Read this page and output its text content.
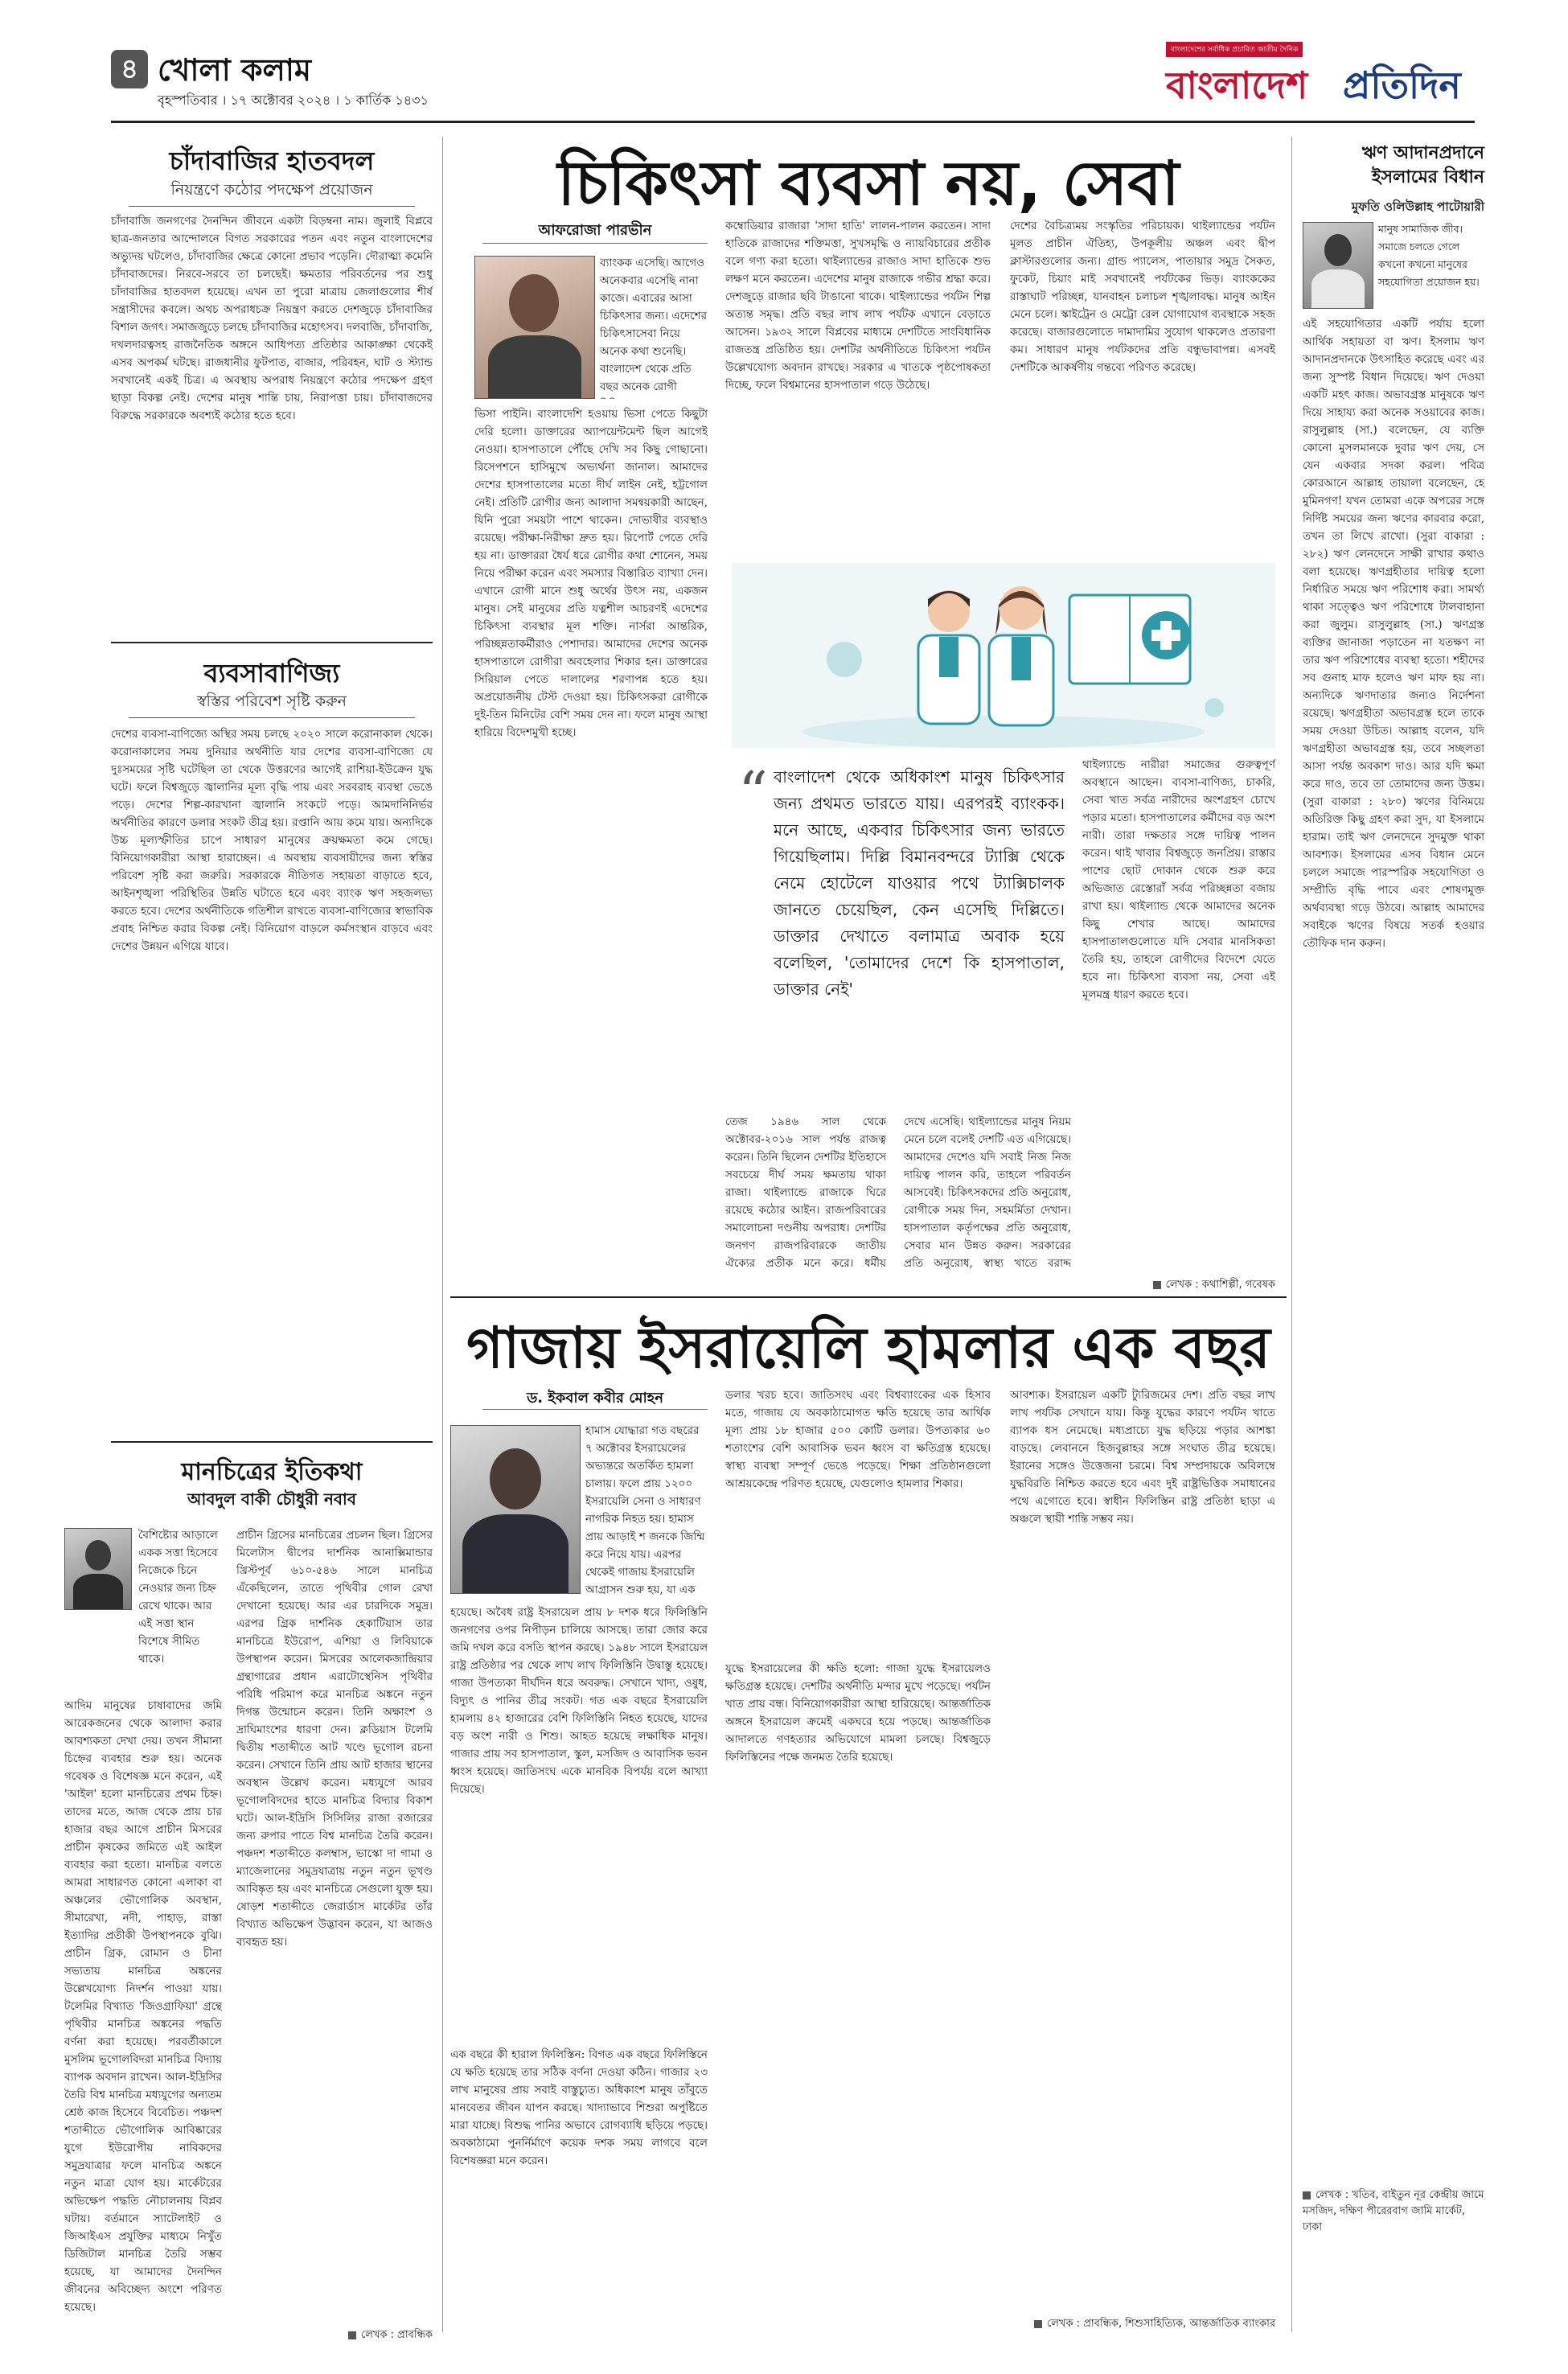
৪ খোলা কলাম
বৃহস্পতিবার । ১৭ অক্টোবর ২০২৪ । ১ কার্তিক ১৪৩১
বাংলাদেশের সর্বাধিক প্রচারিত জাতীয় দৈনিক
বাংলাদেশ প্রতিদিন
চাঁদাবাজির হাতবদল
নিয়ন্ত্রণে কঠোর পদক্ষেপ প্রয়োজন
চাঁদাবাজি জনগণের দৈনন্দিন জীবনে একটা বিড়ম্বনা নাম। জুলাই বিপ্লবে ছাত্র-জনতার আন্দোলনে বিগত সরকারের পতন এবং নতুন বাংলাদেশের অভ্যুদয় ঘটলেও, চাঁদাবাজির ক্ষেত্রে কোনো প্রভাব পড়েনি। দৌরাত্ম্য কমেনি চাঁদাবাজদের। নিরবে-সরবে তা চলছেই। ক্ষমতার পরিবর্তনের পর শুধু চাঁদাবাজির হাতবদল হয়েছে। এখন তা পুরো মাত্রায় জেলাগুলোর শীর্ষ সন্ত্রাসীদের কবলে। অথচ অপরাধচক্র নিয়ন্ত্রণ করতে দেশজুড়ে চাঁদাবাজির বিশাল জগৎ। সমাজজুড়ে চলছে চাঁদাবাজির মহোৎসব। দলবাজি, চাঁদাবাজি, দখলদারত্বসহ রাজনৈতিক অঙ্গনে আধিপত্য প্রতিষ্ঠার আকাঙ্ক্ষা থেকেই এসব অপকর্ম ঘটছে। রাজধানীর ফুটপাত, বাজার, পরিবহন, ঘাট ও স্ট্যান্ড সবখানেই একই চিত্র। এ অবস্থায় অপরাধ নিয়ন্ত্রণে কঠোর পদক্ষেপ গ্রহণ ছাড়া বিকল্প নেই। দেশের মানুষ শান্তি চায়, নিরাপত্তা চায়। চাঁদাবাজদের বিরুদ্ধে সরকারকে অবশ্যই কঠোর হতে হবে।
ব্যবসাবাণিজ্য
স্বস্তির পরিবেশ সৃষ্টি করুন
দেশের ব্যবসা-বাণিজ্যে অস্থির সময় চলছে ২০২০ সালে করোনাকাল থেকে। করোনাকালের সময় দুনিয়ার অর্থনীতি যার দেশের ব্যবসা-বাণিজ্যে যে দুঃসময়ের সৃষ্টি ঘটেছিল তা থেকে উত্তরণের আগেই রাশিয়া-ইউক্রেন যুদ্ধ ঘটে। ফলে বিশ্বজুড়ে জ্বালানির মূল্য বৃদ্ধি পায় এবং সরবরাহ ব্যবস্থা ভেঙে পড়ে। দেশের শিল্প-কারখানা জ্বালানি সংকটে পড়ে। আমদানিনির্ভর অর্থনীতির কারণে ডলার সংকট তীব্র হয়। রপ্তানি আয় কমে যায়। অন্যদিকে উচ্চ মূল্যস্ফীতির চাপে সাধারণ মানুষের ক্রয়ক্ষমতা কমে গেছে। বিনিয়োগকারীরা আস্থা হারাচ্ছেন। এ অবস্থায় ব্যবসায়ীদের জন্য স্বস্তির পরিবেশ সৃষ্টি করা জরুরি। সরকারকে নীতিগত সহায়তা বাড়াতে হবে, আইনশৃঙ্খলা পরিস্থিতির উন্নতি ঘটাতে হবে এবং ব্যাংক ঋণ সহজলভ্য করতে হবে। দেশের অর্থনীতিকে গতিশীল রাখতে ব্যবসা-বাণিজ্যের স্বাভাবিক প্রবাহ নিশ্চিত করার বিকল্প নেই। বিনিয়োগ বাড়লে কর্মসংস্থান বাড়বে এবং দেশের উন্নয়ন এগিয়ে যাবে।
মানচিত্রের ইতিকথা
আবদুল বাকী চৌধুরী নবাব
বৈশিষ্ট্যের আড়ালে একক সত্তা হিসেবে নিজেকে চিনে নেওয়ার জন্য চিহ্ন রেখে থাকে। আর এই সত্তা স্থান বিশেষে সীমিত থাকে।
আদিম মানুষের চাষাবাদের জমি আরেকজনের থেকে আলাদা করার আবশ্যকতা দেখা দেয়। তখন সীমানা চিহ্নের ব্যবহার শুরু হয়। অনেক গবেষক ও বিশেষজ্ঞ মনে করেন, এই 'আইল' হলো মানচিত্রের প্রথম চিহ্ন। তাদের মতে, আজ থেকে প্রায় চার হাজার বছর আগে প্রাচীন মিসরের প্রাচীন কৃষকের জমিতে এই আইল ব্যবহার করা হতো। মানচিত্র বলতে আমরা সাধারণত কোনো এলাকা বা অঞ্চলের ভৌগোলিক অবস্থান, সীমারেখা, নদী, পাহাড়, রাস্তা ইত্যাদির প্রতীকী উপস্থাপনকে বুঝি। প্রাচীন গ্রিক, রোমান ও চীনা সভ্যতায় মানচিত্র অঙ্কনের উল্লেখযোগ্য নিদর্শন পাওয়া যায়। টলেমির বিখ্যাত 'জিওগ্রাফিয়া' গ্রন্থে পৃথিবীর মানচিত্র অঙ্কনের পদ্ধতি বর্ণনা করা হয়েছে। পরবর্তীকালে মুসলিম ভূগোলবিদরা মানচিত্র বিদ্যায় ব্যাপক অবদান রাখেন। আল-ইদ্রিসির তৈরি বিশ্ব মানচিত্র মধ্যযুগের অন্যতম শ্রেষ্ঠ কাজ হিসেবে বিবেচিত। পঞ্চদশ শতাব্দীতে ভৌগোলিক আবিষ্কারের যুগে ইউরোপীয় নাবিকদের সমুদ্রযাত্রার ফলে মানচিত্র অঙ্কনে নতুন মাত্রা যোগ হয়। মার্কেটরের অভিক্ষেপ পদ্ধতি নৌচালনায় বিপ্লব ঘটায়। বর্তমানে স্যাটেলাইট ও জিআইএস প্রযুক্তির মাধ্যমে নিখুঁত ডিজিটাল মানচিত্র তৈরি সম্ভব হয়েছে, যা আমাদের দৈনন্দিন জীবনের অবিচ্ছেদ্য অংশে পরিণত হয়েছে।
প্রাচীন গ্রিসের মানচিত্রের প্রচলন ছিল। গ্রিসের মিলেটাস দ্বীপের দার্শনিক আনাক্সিমান্ডার খ্রিস্টপূর্ব ৬১০-৫৪৬ সালে মানচিত্র এঁকেছিলেন, তাতে পৃথিবীর গোল রেখা দেখানো হয়েছে। আর এর চারদিকে সমুদ্র। এরপর গ্রিক দার্শনিক হেকাটিয়াস তার মানচিত্রে ইউরোপ, এশিয়া ও লিবিয়াকে উপস্থাপন করেন। মিসরের আলেকজান্দ্রিয়ার গ্রন্থাগারের প্রধান এরাটোস্থেনিস পৃথিবীর পরিধি পরিমাপ করে মানচিত্র অঙ্কনে নতুন দিগন্ত উন্মোচন করেন। তিনি অক্ষাংশ ও দ্রাঘিমাংশের ধারণা দেন। ক্লডিয়াস টলেমি দ্বিতীয় শতাব্দীতে আট খণ্ডে ভূগোল রচনা করেন। সেখানে তিনি প্রায় আট হাজার স্থানের অবস্থান উল্লেখ করেন। মধ্যযুগে আরব ভূগোলবিদদের হাতে মানচিত্র বিদ্যার বিকাশ ঘটে। আল-ইদ্রিসি সিসিলির রাজা রজারের জন্য রুপার পাতে বিশ্ব মানচিত্র তৈরি করেন। পঞ্চদশ শতাব্দীতে কলম্বাস, ভাস্কো দা গামা ও ম্যাজেলানের সমুদ্রযাত্রায় নতুন নতুন ভূখণ্ড আবিষ্কৃত হয় এবং মানচিত্রে সেগুলো যুক্ত হয়। ষোড়শ শতাব্দীতে জেরার্ডাস মার্কেটর তাঁর বিখ্যাত অভিক্ষেপ উদ্ভাবন করেন, যা আজও ব্যবহৃত হয়।
লেখক : প্রাবন্ধিক
চিকিৎসা ব্যবসা নয়, সেবা
আফরোজা পারভীন
ব্যাংকক এসেছি। আগেও অনেকবার এসেছি নানা কাজে। এবারের আসা চিকিৎসার জন্য। এদেশের চিকিৎসাসেবা নিয়ে অনেক কথা শুনেছি। বাংলাদেশ থেকে প্রতি বছর অনেক রোগী
ভিসা পাইনি। বাংলাদেশি হওয়ায় ভিসা পেতে কিছুটা দেরি হলো। ডাক্তারের অ্যাপয়েন্টমেন্ট ছিল আগেই নেওয়া। হাসপাতালে পৌঁছে দেখি সব কিছু গোছানো। রিসেপশনে হাসিমুখে অভ্যর্থনা জানাল। আমাদের দেশের হাসপাতালের মতো দীর্ঘ লাইন নেই, হট্টগোল নেই। প্রতিটি রোগীর জন্য আলাদা সমন্বয়কারী আছেন, যিনি পুরো সময়টা পাশে থাকেন। দোভাষীর ব্যবস্থাও রয়েছে। পরীক্ষা-নিরীক্ষা দ্রুত হয়। রিপোর্ট পেতে দেরি হয় না। ডাক্তাররা ধৈর্য ধরে রোগীর কথা শোনেন, সময় নিয়ে পরীক্ষা করেন এবং সমস্যার বিস্তারিত ব্যাখ্যা দেন। এখানে রোগী মানে শুধু অর্থের উৎস নয়, একজন মানুষ। সেই মানুষের প্রতি যত্নশীল আচরণই এদেশের চিকিৎসা ব্যবস্থার মূল শক্তি। নার্সরা আন্তরিক, পরিচ্ছন্নতাকর্মীরাও পেশাদার। আমাদের দেশের অনেক হাসপাতালে রোগীরা অবহেলার শিকার হন। ডাক্তারের সিরিয়াল পেতে দালালের শরণাপন্ন হতে হয়। অপ্রয়োজনীয় টেস্ট দেওয়া হয়। চিকিৎসকরা রোগীকে দুই-তিন মিনিটের বেশি সময় দেন না। ফলে মানুষ আস্থা হারিয়ে বিদেশমুখী হচ্ছে।
কম্বোডিয়ার রাজারা 'সাদা হাতি' লালন-পালন করতেন। সাদা হাতিকে রাজাদের শক্তিমত্তা, সুখসমৃদ্ধি ও ন্যায়বিচারের প্রতীক বলে গণ্য করা হতো। থাইল্যান্ডের রাজাও সাদা হাতিকে শুভ লক্ষণ মনে করতেন। এদেশের মানুষ রাজাকে গভীর শ্রদ্ধা করে। দেশজুড়ে রাজার ছবি টাঙানো থাকে। থাইল্যান্ডের পর্যটন শিল্প অত্যন্ত সমৃদ্ধ। প্রতি বছর লাখ লাখ পর্যটক এখানে বেড়াতে আসেন। ১৯৩২ সালে বিপ্লবের মাধ্যমে দেশটিতে সাংবিধানিক রাজতন্ত্র প্রতিষ্ঠিত হয়। দেশটির অর্থনীতিতে চিকিৎসা পর্যটন উল্লেখযোগ্য অবদান রাখছে। সরকার এ খাতকে পৃষ্ঠপোষকতা দিচ্ছে, ফলে বিশ্বমানের হাসপাতাল গড়ে উঠেছে।
দেশের বৈচিত্র্যময় সংস্কৃতির পরিচায়ক। থাইল্যান্ডের পর্যটন মূলত প্রাচীন ঐতিহ্য, উপকূলীয় অঞ্চল এবং দ্বীপ ক্লাস্টারগুলোর জন্য। গ্রান্ড প্যালেস, পাতায়ার সমুদ্র সৈকত, ফুকেট, চিয়াং মাই সবখানেই পর্যটকের ভিড়। ব্যাংককের রাস্তাঘাট পরিচ্ছন্ন, যানবাহন চলাচল শৃঙ্খলাবদ্ধ। মানুষ আইন মেনে চলে। স্কাইট্রেন ও মেট্রো রেল যোগাযোগ ব্যবস্থাকে সহজ করেছে। বাজারগুলোতে দামাদামির সুযোগ থাকলেও প্রতারণা কম। সাধারণ মানুষ পর্যটকদের প্রতি বন্ধুভাবাপন্ন। এসবই দেশটিকে আকর্ষণীয় গন্তব্যে পরিণত করেছে।
“ বাংলাদেশ থেকে অধিকাংশ মানুষ চিকিৎসার জন্য প্রথমত ভারতে যায়। এরপরই ব্যাংকক। মনে আছে, একবার চিকিৎসার জন্য ভারতে গিয়েছিলাম। দিল্লি বিমানবন্দরে ট্যাক্সি থেকে নেমে হোটেলে যাওয়ার পথে ট্যাক্সিচালক জানতে চেয়েছিল, কেন এসেছি দিল্লিতে। ডাক্তার দেখাতে বলামাত্র অবাক হয়ে বলেছিল, 'তোমাদের দেশে কি হাসপাতাল, ডাক্তার নেই'
থাইল্যান্ডে নারীরা সমাজের গুরুত্বপূর্ণ অবস্থানে আছেন। ব্যবসা-বাণিজ্য, চাকরি, সেবা খাত সর্বত্র নারীদের অংশগ্রহণ চোখে পড়ার মতো। হাসপাতালের কর্মীদের বড় অংশ নারী। তারা দক্ষতার সঙ্গে দায়িত্ব পালন করেন। থাই খাবার বিশ্বজুড়ে জনপ্রিয়। রাস্তার পাশের ছোট দোকান থেকে শুরু করে অভিজাত রেস্তোরাঁ সর্বত্র পরিচ্ছন্নতা বজায় রাখা হয়। থাইল্যান্ড থেকে আমাদের অনেক কিছু শেখার আছে। আমাদের হাসপাতালগুলোতে যদি সেবার মানসিকতা তৈরি হয়, তাহলে রোগীদের বিদেশে যেতে হবে না। চিকিৎসা ব্যবসা নয়, সেবা এই মূলমন্ত্র ধারণ করতে হবে।
তেজ ১৯৪৬ সাল থেকে অক্টোবর-২০১৬ সাল পর্যন্ত রাজত্ব করেন। তিনি ছিলেন দেশটির ইতিহাসে সবচেয়ে দীর্ঘ সময় ক্ষমতায় থাকা রাজা। থাইল্যান্ডে রাজাকে ঘিরে রয়েছে কঠোর আইন। রাজপরিবারের সমালোচনা দণ্ডনীয় অপরাধ। দেশটির জনগণ রাজপরিবারকে জাতীয় ঐক্যের প্রতীক মনে করে। ধর্মীয়
দেখে এসেছি। থাইল্যান্ডের মানুষ নিয়ম মেনে চলে বলেই দেশটি এত এগিয়েছে। আমাদের দেশেও যদি সবাই নিজ নিজ দায়িত্ব পালন করি, তাহলে পরিবর্তন আসবেই। চিকিৎসকদের প্রতি অনুরোধ, রোগীকে সময় দিন, সহমর্মিতা দেখান। হাসপাতাল কর্তৃপক্ষের প্রতি অনুরোধ, সেবার মান উন্নত করুন। সরকারের প্রতি অনুরোধ, স্বাস্থ্য খাতে বরাদ্দ
লেখক : কথাশিল্পী, গবেষক
গাজায় ইসরায়েলি হামলার এক বছর
ড. ইকবাল কবীর মোহন
হামাস যোদ্ধারা গত বছরের ৭ অক্টোবর ইসরায়েলের অভ্যন্তরে অতর্কিত হামলা চালায়। ফলে প্রায় ১২০০ ইসরায়েলি সেনা ও সাধারণ নাগরিক নিহত হয়। হামাস প্রায় আড়াই শ জনকে জিম্মি করে নিয়ে যায়। এরপর থেকেই গাজায় ইসরায়েলি আগ্রাসন শুরু হয়, যা এক
হয়েছে। অবৈধ রাষ্ট্র ইসরায়েল প্রায় ৮ দশক ধরে ফিলিস্তিনি জনগণের ওপর নিপীড়ন চালিয়ে আসছে। তারা জোর করে জমি দখল করে বসতি স্থাপন করছে। ১৯৪৮ সালে ইসরায়েল রাষ্ট্র প্রতিষ্ঠার পর থেকে লাখ লাখ ফিলিস্তিনি উদ্বাস্তু হয়েছে। গাজা উপত্যকা দীর্ঘদিন ধরে অবরুদ্ধ। সেখানে খাদ্য, ওষুধ, বিদ্যুৎ ও পানির তীব্র সংকট। গত এক বছরে ইসরায়েলি হামলায় ৪২ হাজারের বেশি ফিলিস্তিনি নিহত হয়েছে, যাদের বড় অংশ নারী ও শিশু। আহত হয়েছে লক্ষাধিক মানুষ। গাজার প্রায় সব হাসপাতাল, স্কুল, মসজিদ ও আবাসিক ভবন ধ্বংস হয়েছে। জাতিসংঘ একে মানবিক বিপর্যয় বলে আখ্যা দিয়েছে।
এক বছরে কী হারাল ফিলিস্তিন: বিগত এক বছরে ফিলিস্তিনে যে ক্ষতি হয়েছে তার সঠিক বর্ণনা দেওয়া কঠিন। গাজার ২৩ লাখ মানুষের প্রায় সবাই বাস্তুচ্যুত। অধিকাংশ মানুষ তাঁবুতে মানবেতর জীবন যাপন করছে। খাদ্যাভাবে শিশুরা অপুষ্টিতে মারা যাচ্ছে। বিশুদ্ধ পানির অভাবে রোগব্যাধি ছড়িয়ে পড়ছে। অবকাঠামো পুনর্নির্মাণে কয়েক দশক সময় লাগবে বলে বিশেষজ্ঞরা মনে করেন।
ডলার খরচ হবে। জাতিসংঘ এবং বিশ্বব্যাংকের এক হিসাব মতে, গাজায় যে অবকাঠামোগত ক্ষতি হয়েছে তার আর্থিক মূল্য প্রায় ১৮ হাজার ৫০০ কোটি ডলার। উপত্যকার ৬০ শতাংশের বেশি আবাসিক ভবন ধ্বংস বা ক্ষতিগ্রস্ত হয়েছে। স্বাস্থ্য ব্যবস্থা সম্পূর্ণ ভেঙে পড়েছে। শিক্ষা প্রতিষ্ঠানগুলো আশ্রয়কেন্দ্রে পরিণত হয়েছে, যেগুলোও হামলার শিকার।
যুদ্ধে ইসরায়েলের কী ক্ষতি হলো: গাজা যুদ্ধে ইসরায়েলও ক্ষতিগ্রস্ত হয়েছে। দেশটির অর্থনীতি মন্দার মুখে পড়েছে। পর্যটন খাত প্রায় বন্ধ। বিনিয়োগকারীরা আস্থা হারিয়েছে। আন্তর্জাতিক অঙ্গনে ইসরায়েল ক্রমেই একঘরে হয়ে পড়ছে। আন্তর্জাতিক আদালতে গণহত্যার অভিযোগে মামলা চলছে। বিশ্বজুড়ে ফিলিস্তিনের পক্ষে জনমত তৈরি হয়েছে।
আবশ্যক। ইসরায়েল একটি ট্যুরিজমের দেশ। প্রতি বছর লাখ লাখ পর্যটক সেখানে যায়। কিন্তু যুদ্ধের কারণে পর্যটন খাতে ব্যাপক ধস নেমেছে। মধ্যপ্রাচ্যে যুদ্ধ ছড়িয়ে পড়ার আশঙ্কা বাড়ছে। লেবাননে হিজবুল্লাহর সঙ্গে সংঘাত তীব্র হয়েছে। ইরানের সঙ্গেও উত্তেজনা চরমে। বিশ্ব সম্প্রদায়কে অবিলম্বে যুদ্ধবিরতি নিশ্চিত করতে হবে এবং দুই রাষ্ট্রভিত্তিক সমাধানের পথে এগোতে হবে। স্বাধীন ফিলিস্তিন রাষ্ট্র প্রতিষ্ঠা ছাড়া এ অঞ্চলে স্থায়ী শান্তি সম্ভব নয়।
লেখক : প্রাবন্ধিক, শিশুসাহিত্যিক, আন্তর্জাতিক ব্যাংকার
ঋণ আদানপ্রদানে ইসলামের বিধান
মুফতি ওলিউল্লাহ পাটোয়ারী
মানুষ সামাজিক জীব। সমাজে চলতে গেলে কখনো কখনো মানুষের সহযোগিতা প্রয়োজন হয়।
এই সহযোগিতার একটি পর্যায় হলো আর্থিক সহায়তা বা ঋণ। ইসলাম ঋণ আদানপ্রদানকে উৎসাহিত করেছে এবং এর জন্য সুস্পষ্ট বিধান দিয়েছে। ঋণ দেওয়া একটি মহৎ কাজ। অভাবগ্রস্ত মানুষকে ঋণ দিয়ে সাহায্য করা অনেক সওয়াবের কাজ। রাসুলুল্লাহ (সা.) বলেছেন, যে ব্যক্তি কোনো মুসলমানকে দুবার ঋণ দেয়, সে যেন একবার সদকা করল। পবিত্র কোরআনে আল্লাহ তায়ালা বলেছেন, হে মুমিনগণ! যখন তোমরা একে অপরের সঙ্গে নির্দিষ্ট সময়ের জন্য ঋণের কারবার করো, তখন তা লিখে রাখো। (সুরা বাকারা : ২৮২) ঋণ লেনদেনে সাক্ষী রাখার কথাও বলা হয়েছে। ঋণগ্রহীতার দায়িত্ব হলো নির্ধারিত সময়ে ঋণ পরিশোধ করা। সামর্থ্য থাকা সত্ত্বেও ঋণ পরিশোধে টালবাহানা করা জুলুম। রাসুলুল্লাহ (সা.) ঋণগ্রস্ত ব্যক্তির জানাজা পড়াতেন না যতক্ষণ না তার ঋণ পরিশোধের ব্যবস্থা হতো। শহীদের সব গুনাহ মাফ হলেও ঋণ মাফ হয় না। অন্যদিকে ঋণদাতার জন্যও নির্দেশনা রয়েছে। ঋণগ্রহীতা অভাবগ্রস্ত হলে তাকে সময় দেওয়া উচিত। আল্লাহ বলেন, যদি ঋণগ্রহীতা অভাবগ্রস্ত হয়, তবে সচ্ছলতা আসা পর্যন্ত অবকাশ দাও। আর যদি ক্ষমা করে দাও, তবে তা তোমাদের জন্য উত্তম। (সুরা বাকারা : ২৮০) ঋণের বিনিময়ে অতিরিক্ত কিছু গ্রহণ করা সুদ, যা ইসলামে হারাম। তাই ঋণ লেনদেনে সুদমুক্ত থাকা আবশ্যক। ইসলামের এসব বিধান মেনে চললে সমাজে পারস্পরিক সহযোগিতা ও সম্প্রীতি বৃদ্ধি পাবে এবং শোষণমুক্ত অর্থব্যবস্থা গড়ে উঠবে। আল্লাহ আমাদের সবাইকে ঋণের বিষয়ে সতর্ক হওয়ার তৌফিক দান করুন।
লেখক : খতিব, বাইতুন নূর কেন্দ্রীয় জামে মসজিদ, দক্ষিণ পীরেরবাগ জামি মার্কেট, ঢাকা
